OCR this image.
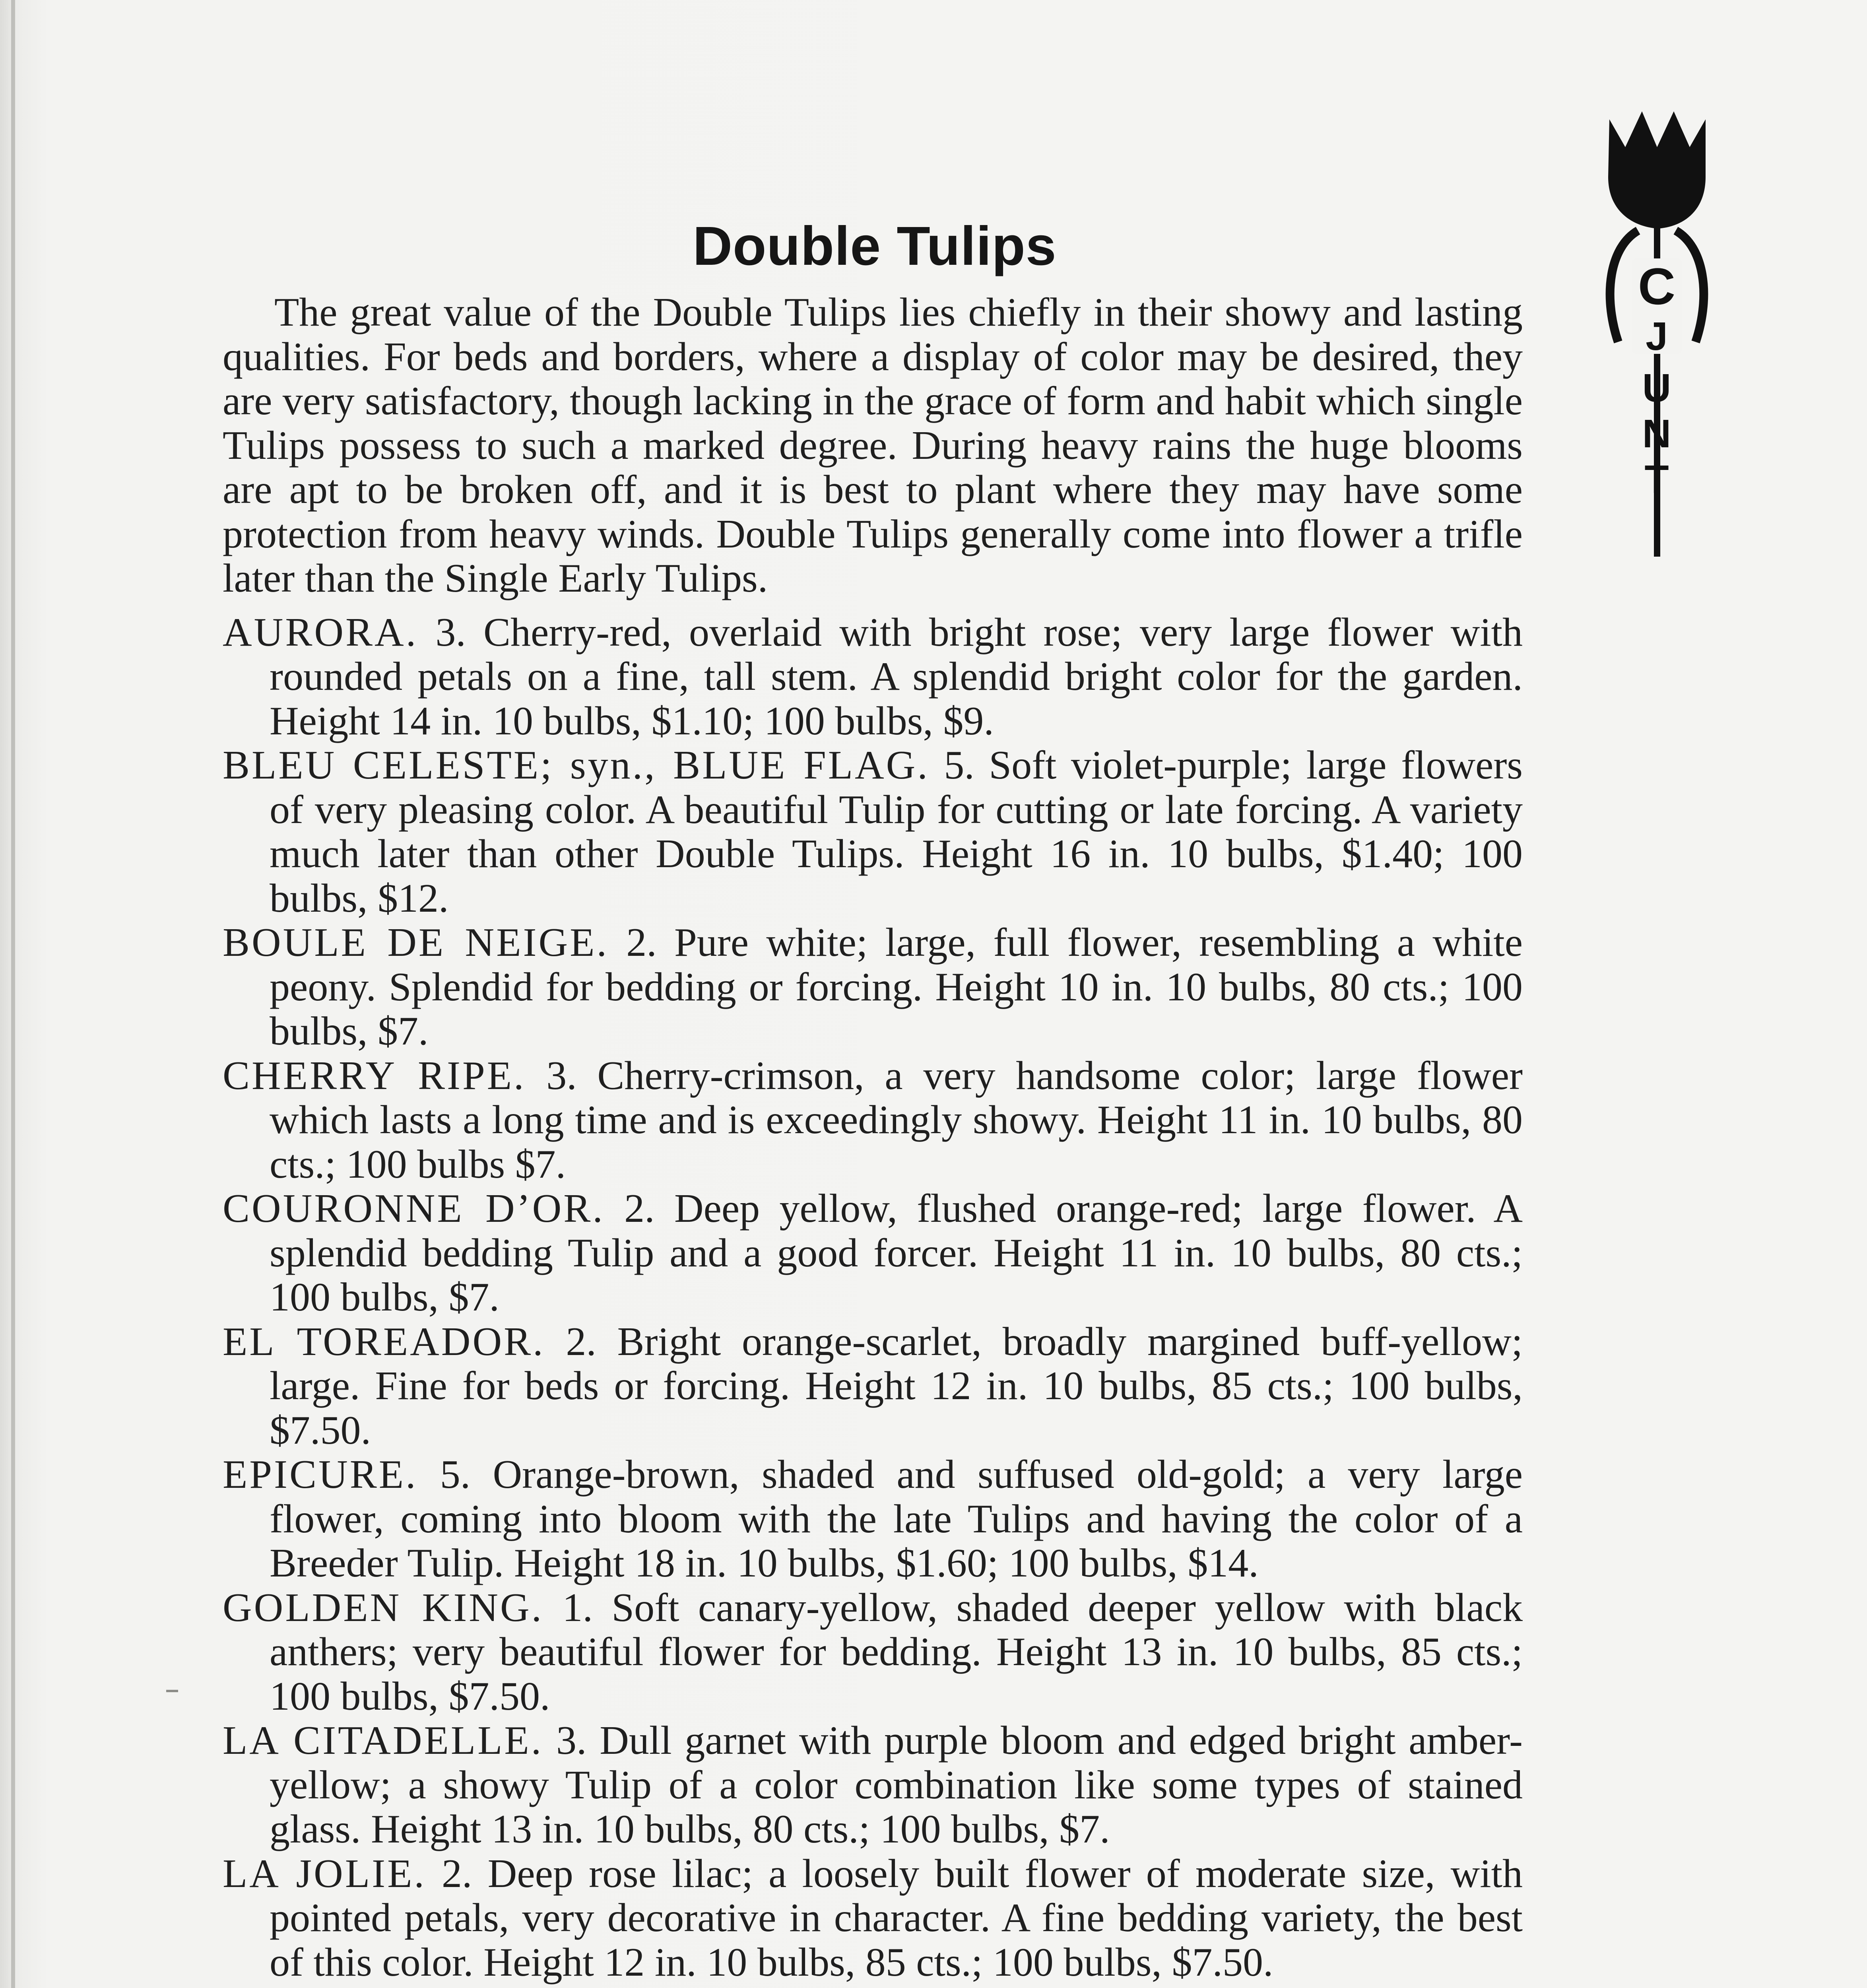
Double Tulips
C
J
U
N
T

The great value of the Double Tulips lies chiefly in their showy and lasting qualities. For beds and borders, where a display of color may be desired, they are very satisfactory, though lacking in the grace of form and habit which single Tulips possess to such a marked degree. During heavy rains the huge blooms are apt to be broken off, and it is best to plant where they may have some protection from heavy winds. Double Tulips generally come into flower a trifle later than the Single Early Tulips.

AURORA. 3. Cherry-red, overlaid with bright rose; very large flower with rounded petals on a fine, tall stem. A splendid bright color for the garden. Height 14 in. 10 bulbs, $1.10; 100 bulbs, $9.

BLEU CELESTE; syn., BLUE FLAG. 5. Soft violet-purple; large flowers of very pleasing color. A beautiful Tulip for cutting or late forcing. A variety much later than other Double Tulips. Height 16 in. 10 bulbs, $1.40; 100 bulbs, $12.

BOULE DE NEIGE. 2. Pure white; large, full flower, resembling a white peony. Splendid for bedding or forcing. Height 10 in. 10 bulbs, 80 cts.; 100 bulbs, $7.

CHERRY RIPE. 3. Cherry-crimson, a very handsome color; large flower which lasts a long time and is exceedingly showy. Height 11 in. 10 bulbs, 80 cts.; 100 bulbs $7.

COURONNE D’OR. 2. Deep yellow, flushed orange-red; large flower. A splendid bedding Tulip and a good forcer. Height 11 in. 10 bulbs, 80 cts.; 100 bulbs, $7.

EL TOREADOR. 2. Bright orange-scarlet, broadly margined buff-yellow; large. Fine for beds or forcing. Height 12 in. 10 bulbs, 85 cts.; 100 bulbs, $7.50.

EPICURE. 5. Orange-brown, shaded and suffused old-gold; a very large flower, coming into bloom with the late Tulips and having the color of a Breeder Tulip. Height 18 in. 10 bulbs, $1.60; 100 bulbs, $14.

GOLDEN KING. 1. Soft canary-yellow, shaded deeper yellow with black anthers; very beautiful flower for bedding. Height 13 in. 10 bulbs, 85 cts.; 100 bulbs, $7.50.

LA CITADELLE. 3. Dull garnet with purple bloom and edged bright amber-yellow; a showy Tulip of a color combination like some types of stained glass. Height 13 in. 10 bulbs, 80 cts.; 100 bulbs, $7.

LA JOLIE. 2. Deep rose lilac; a loosely built flower of moderate size, with pointed petals, very decorative in character. A fine bedding variety, the best of this color. Height 12 in. 10 bulbs, 85 cts.; 100 bulbs, $7.50.
